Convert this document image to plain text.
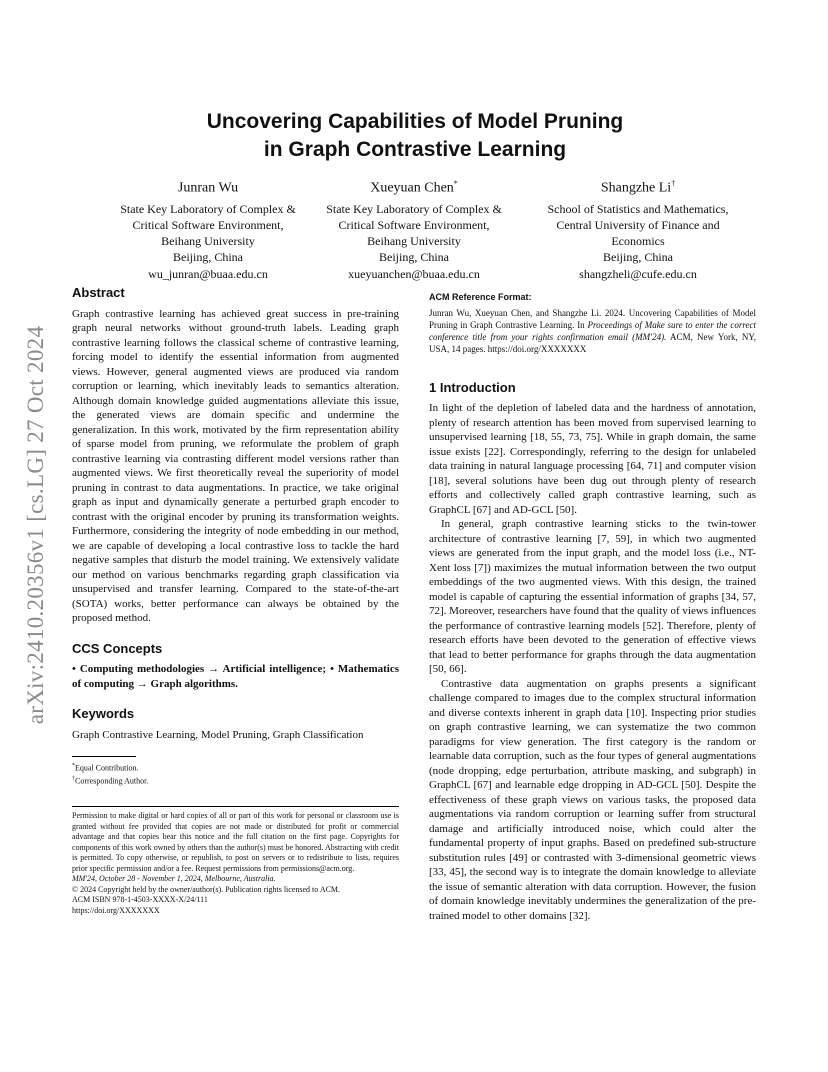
arXiv:2410.20356v1 [cs.LG] 27 Oct 2024
Uncovering Capabilities of Model Pruning
in Graph Contrastive Learning
Junran Wu
State Key Laboratory of Complex &
Critical Software Environment,
Beihang University
Beijing, China
wu_junran@buaa.edu.cn
Xueyuan Chen*
State Key Laboratory of Complex &
Critical Software Environment,
Beihang University
Beijing, China
xueyuanchen@buaa.edu.cn
Shangzhe Li†
School of Statistics and Mathematics,
Central University of Finance and
Economics
Beijing, China
shangzheli@cufe.edu.cn
Abstract

Graph contrastive learning has achieved great success in pre-training graph neural networks without ground-truth labels. Leading graph contrastive learning follows the classical scheme of contrastive learning, forcing model to identify the essential information from augmented views. However, general augmented views are produced via random corruption or learning, which inevitably leads to semantics alteration. Although domain knowledge guided augmentations alleviate this issue, the generated views are domain specific and undermine the generalization. In this work, motivated by the firm representation ability of sparse model from pruning, we reformulate the problem of graph contrastive learning via contrasting different model versions rather than augmented views. We first theoretically reveal the superiority of model pruning in contrast to data augmentations. In practice, we take original graph as input and dynamically generate a perturbed graph encoder to contrast with the original encoder by pruning its transformation weights. Furthermore, considering the integrity of node embedding in our method, we are capable of developing a local contrastive loss to tackle the hard negative samples that disturb the model training. We extensively validate our method on various benchmarks regarding graph classification via unsupervised and transfer learning. Compared to the state-of-the-art (SOTA) works, better performance can always be obtained by the proposed method.

CCS Concepts

• Computing methodologies → Artificial intelligence; • Mathematics of computing → Graph algorithms.

Keywords

Graph Contrastive Learning, Model Pruning, Graph Classification

*Equal Contribution.
†Corresponding Author.
Permission to make digital or hard copies of all or part of this work for personal or classroom use is granted without fee provided that copies are not made or distributed for profit or commercial advantage and that copies bear this notice and the full citation on the first page. Copyrights for components of this work owned by others than the author(s) must be honored. Abstracting with credit is permitted. To copy otherwise, or republish, to post on servers or to redistribute to lists, requires prior specific permission and/or a fee. Request permissions from permissions@acm.org.
MM'24, October 28 - November 1, 2024, Melbourne, Australia.
© 2024 Copyright held by the owner/author(s). Publication rights licensed to ACM.
ACM ISBN 978-1-4503-XXXX-X/24/111
https://doi.org/XXXXXXX
ACM Reference Format:
Junran Wu, Xueyuan Chen, and Shangzhe Li. 2024. Uncovering Capabilities of Model Pruning in Graph Contrastive Learning. In Proceedings of Make sure to enter the correct conference title from your rights confirmation email (MM'24). ACM, New York, NY, USA, 14 pages. https://doi.org/XXXXXXX
1 Introduction

In light of the depletion of labeled data and the hardness of annotation, plenty of research attention has been moved from supervised learning to unsupervised learning [18, 55, 73, 75]. While in graph domain, the same issue exists [22]. Correspondingly, referring to the design for unlabeled data training in natural language processing [64, 71] and computer vision [18], several solutions have been dug out through plenty of research efforts and collectively called graph contrastive learning, such as GraphCL [67] and AD-GCL [50].

In general, graph contrastive learning sticks to the twin-tower architecture of contrastive learning [7, 59], in which two augmented views are generated from the input graph, and the model loss (i.e., NT-Xent loss [7]) maximizes the mutual information between the two output embeddings of the two augmented views. With this design, the trained model is capable of capturing the essential information of graphs [34, 57, 72]. Moreover, researchers have found that the quality of views influences the performance of contrastive learning models [52]. Therefore, plenty of research efforts have been devoted to the generation of effective views that lead to better performance for graphs through the data augmentation [50, 66].

Contrastive data augmentation on graphs presents a significant challenge compared to images due to the complex structural information and diverse contexts inherent in graph data [10]. Inspecting prior studies on graph contrastive learning, we can systematize the two common paradigms for view generation. The first category is the random or learnable data corruption, such as the four types of general augmentations (node dropping, edge perturbation, attribute masking, and subgraph) in GraphCL [67] and learnable edge dropping in AD-GCL [50]. Despite the effectiveness of these graph views on various tasks, the proposed data augmentations via random corruption or learning suffer from structural damage and artificially introduced noise, which could alter the fundamental property of input graphs. Based on predefined sub-structure substitution rules [49] or contrasted with 3-dimensional geometric views [33, 45], the second way is to integrate the domain knowledge to alleviate the issue of semantic alteration with data corruption. However, the fusion of domain knowledge inevitably undermines the generalization of the pre-trained model to other domains [32].
